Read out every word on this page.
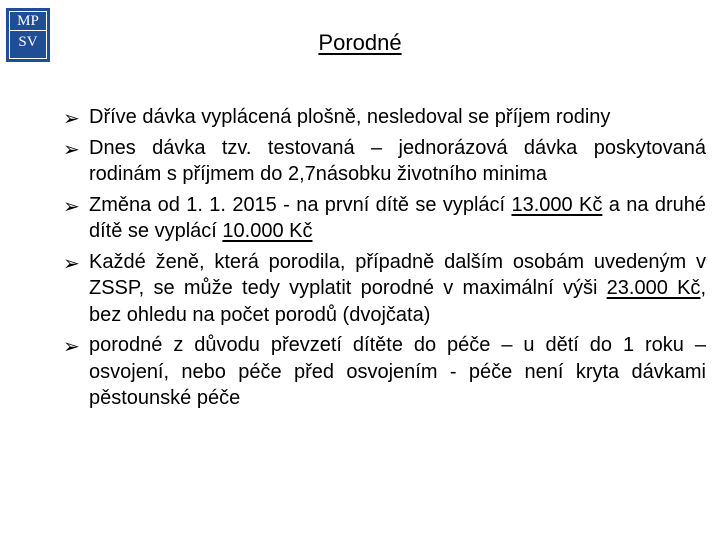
MP
SV	Porodné
➢ Dříve dávka vyplácená plošně, nesledoval se příjem rodiny
➢ Dnes dávka tzv. testovaná – jednorázová dávka poskytovaná rodinám s příjmem do 2,7násobku životního minima
➢ Změna od 1. 1. 2015 - na první dítě se vyplácí 13.000 Kč a na druhé dítě se vyplácí 10.000 Kč
➢ Každé ženě, která porodila, případně dalším osobám uvedeným v ZSSP, se může tedy vyplatit porodné v maximální výši 23.000 Kč, bez ohledu na počet porodů (dvojčata)
➢ porodné z důvodu převzetí dítěte do péče – u dětí do 1 roku – osvojení, nebo péče před osvojením - péče není kryta dávkami pěstounské péče
